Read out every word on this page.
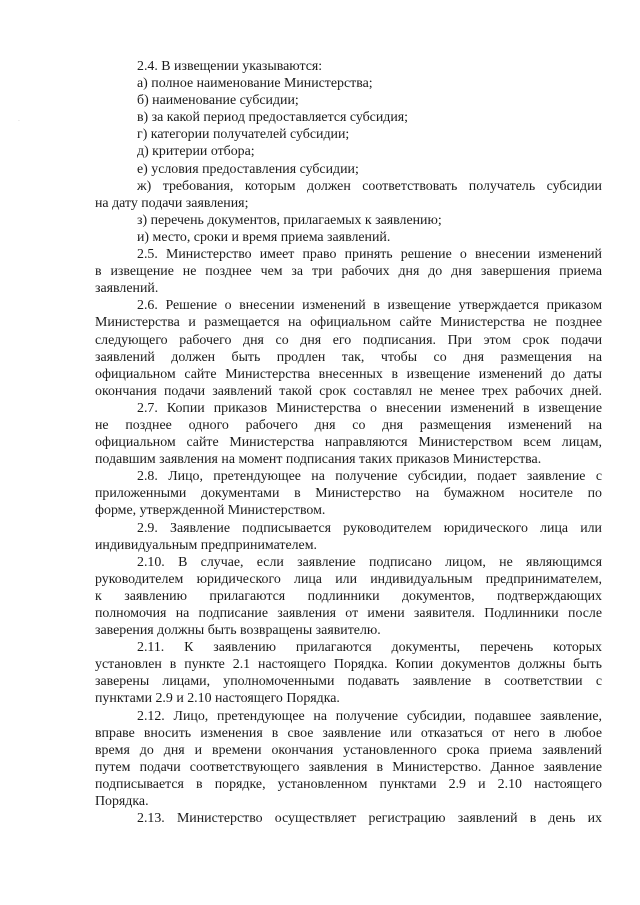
·
2.4. В извещении указываются:
а) полное наименование Министерства;
б) наименование субсидии;
в) за какой период предоставляется субсидия;
г) категории получателей субсидии;
д) критерии отбора;
е) условия предоставления субсидии;
ж) требования, которым должен соответствовать получатель субсидии
на дату подачи заявления;
з) перечень документов, прилагаемых к заявлению;
и) место, сроки и время приема заявлений.
2.5. Министерство имеет право принять решение о внесении изменений
в извещение не позднее чем за три рабочих дня до дня завершения приема
заявлений.
2.6. Решение о внесении изменений в извещение утверждается приказом
Министерства и размещается на официальном сайте Министерства не позднее
следующего рабочего дня со дня его подписания. При этом срок подачи
заявлений должен быть продлен так, чтобы со дня размещения на
официальном сайте Министерства внесенных в извещение изменений до даты
окончания подачи заявлений такой срок составлял не менее трех рабочих дней.
2.7. Копии приказов Министерства о внесении изменений в извещение
не позднее одного рабочего дня со дня размещения изменений на
официальном сайте Министерства направляются Министерством всем лицам,
подавшим заявления на момент подписания таких приказов Министерства.
2.8. Лицо, претендующее на получение субсидии, подает заявление с
приложенными документами в Министерство на бумажном носителе по
форме, утвержденной Министерством.
2.9. Заявление подписывается руководителем юридического лица или
индивидуальным предпринимателем.
2.10. В случае, если заявление подписано лицом, не являющимся
руководителем юридического лица или индивидуальным предпринимателем,
к заявлению прилагаются подлинники документов, подтверждающих
полномочия на подписание заявления от имени заявителя. Подлинники после
заверения должны быть возвращены заявителю.
2.11. К заявлению прилагаются документы, перечень которых
установлен в пункте 2.1 настоящего Порядка. Копии документов должны быть
заверены лицами, уполномоченными подавать заявление в соответствии с
пунктами 2.9 и 2.10 настоящего Порядка.
2.12. Лицо, претендующее на получение субсидии, подавшее заявление,
вправе вносить изменения в свое заявление или отказаться от него в любое
время до дня и времени окончания установленного срока приема заявлений
путем подачи соответствующего заявления в Министерство. Данное заявление
подписывается в порядке, установленном пунктами 2.9 и 2.10 настоящего
Порядка.
2.13. Министерство осуществляет регистрацию заявлений в день их
